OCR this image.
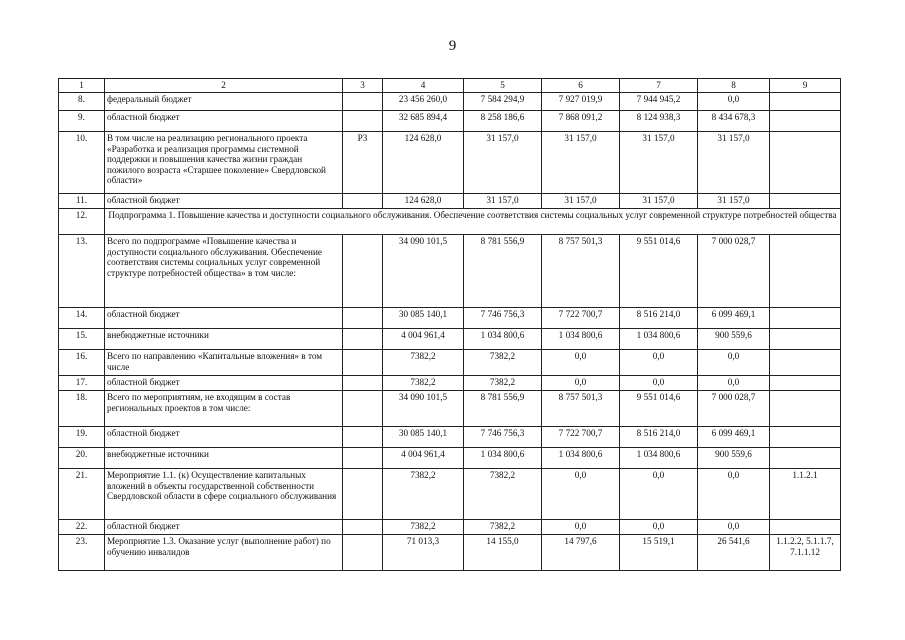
9
1	2	3	4	5	6	7	8	9
8.	федеральный бюджет		23 456 260,0	7 584 294,9	7 927 019,9	7 944 945,2	0,0	
9.	областной бюджет		32 685 894,4	8 258 186,6	7 868 091,2	8 124 938,3	8 434 678,3	
10.	В том числе на реализацию регионального проекта «Разработка и реализация программы системной поддержки и повышения качества жизни граждан пожилого возраста «Старшее поколение» Свердловской области»	P3	124 628,0	31 157,0	31 157,0	31 157,0	31 157,0	
11.	областной бюджет		124 628,0	31 157,0	31 157,0	31 157,0	31 157,0	
12.	Подпрограмма 1. Повышение качества и доступности социального обслуживания. Обеспечение соответствия системы социальных услуг современной структуре потребностей общества							
13.	Всего по подпрограмме «Повышение качества и доступности социального обслуживания. Обеспечение соответствия системы социальных услуг современной структуре потребностей общества» в том числе:		34 090 101,5	8 781 556,9	8 757 501,3	9 551 014,6	7 000 028,7	
14.	областной бюджет		30 085 140,1	7 746 756,3	7 722 700,7	8 516 214,0	6 099 469,1	
15.	внебюджетные источники		4 004 961,4	1 034 800,6	1 034 800,6	1 034 800,6	900 559,6	
16.	Всего по направлению «Капитальные вложения» в том числе		7382,2	7382,2	0,0	0,0	0,0	
17.	областной бюджет		7382,2	7382,2	0,0	0,0	0,0	
18.	Всего по мероприятиям, не входящим в состав региональных проектов в том числе:		34 090 101,5	8 781 556,9	8 757 501,3	9 551 014,6	7 000 028,7	
19.	областной бюджет		30 085 140,1	7 746 756,3	7 722 700,7	8 516 214,0	6 099 469,1	
20.	внебюджетные источники		4 004 961,4	1 034 800,6	1 034 800,6	1 034 800,6	900 559,6	
21.	Мероприятие 1.1. (к) Осуществление капитальных вложений в объекты государственной собственности Свердловской области в сфере социального обслуживания		7382,2	7382,2	0,0	0,0	0,0	1.1.2.1
22.	областной бюджет		7382,2	7382,2	0,0	0,0	0,0	
23.	Мероприятие 1.3. Оказание услуг (выполнение работ) по обучению инвалидов		71 013,3	14 155,0	14 797,6	15 519,1	26 541,6	1.1.2.2, 5.1.1.7, 7.1.1.12
